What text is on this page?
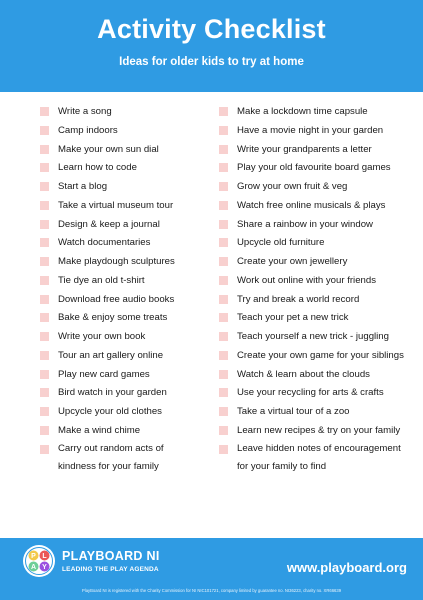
Activity Checklist
Ideas for older kids to try at home
Write a song
Camp indoors
Make your own sun dial
Learn how to code
Start a blog
Take a virtual museum tour
Design & keep a journal
Watch documentaries
Make playdough sculptures
Tie dye an old t-shirt
Download free audio books
Bake & enjoy some treats
Write your own book
Tour an art gallery online
Play new card games
Bird watch in your garden
Upcycle your old clothes
Make a wind chime
Carry out random acts of kindness for your family
Make a lockdown time capsule
Have a movie night in your garden
Write your grandparents a letter
Play your old favourite board games
Grow your own fruit & veg
Watch free online musicals & plays
Share a rainbow in your window
Upcycle old furniture
Create your own jewellery
Work out online with your friends
Try and break a world record
Teach your pet a new trick
Teach yourself a new trick - juggling
Create your own game for your siblings
Watch & learn about the clouds
Use your recycling for arts & crafts
Take a virtual tour of a zoo
Learn new recipes & try on your family
Leave hidden notes of encouragement for your family to find
P L
A Y
PLAYBOARD NI
LEADING THE PLAY AGENDA	www.playboard.org
PlayBoard NI is registered with the Charity Commission for NI NIC101721, company limited by guarantee no. NI36223, charity no. XR66639
